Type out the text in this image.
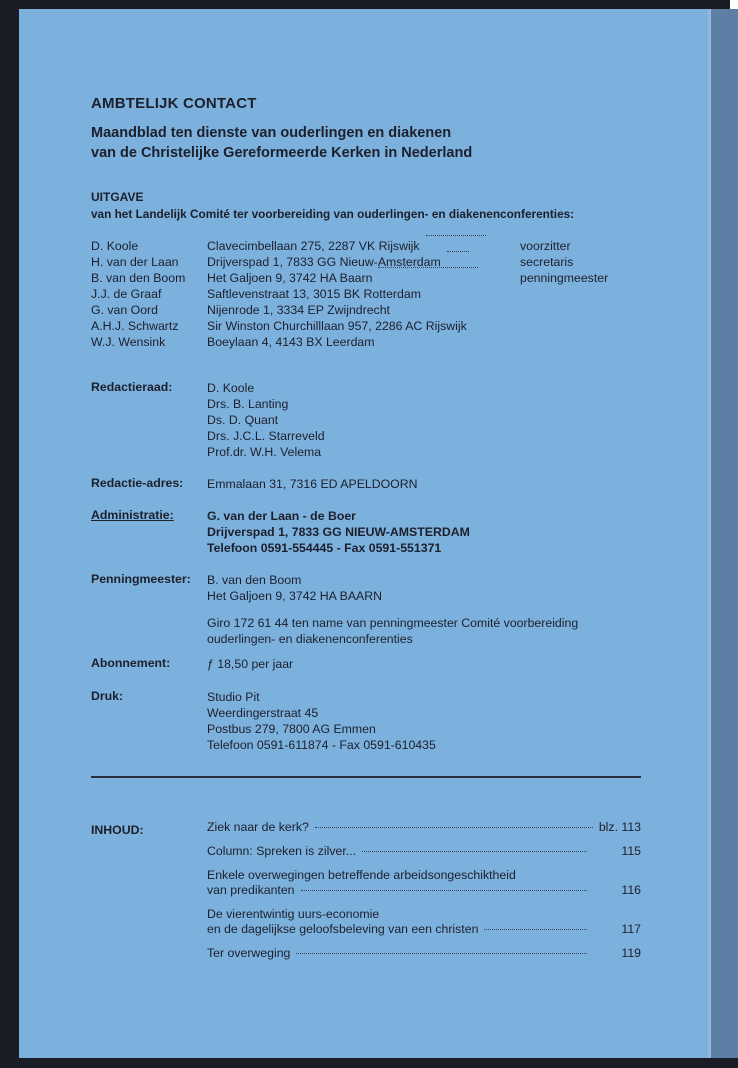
AMBTELIJK CONTACT
Maandblad ten dienste van ouderlingen en diakenen
van de Christelijke Gereformeerde Kerken in Nederland
UITGAVE
van het Landelijk Comité ter voorbereiding van ouderlingen- en diakenenconferenties:
D. Koole	Clavecimbellaan 275, 2287 VK Rijswijk	voorzitter
H. van der Laan	Drijverspad 1, 7833 GG Nieuw-Amsterdam	secretaris
B. van den Boom	Het Galjoen 9, 3742 HA Baarn	penningmeester
J.J. de Graaf	Saftlevenstraat 13, 3015 BK Rotterdam
G. van Oord	Nijenrode 1, 3334 EP Zwijndrecht
A.H.J. Schwartz	Sir Winston Churchilllaan 957, 2286 AC Rijswijk
W.J. Wensink	Boeylaan 4, 4143 BX Leerdam
Redactieraad:	D. Koole
Drs. B. Lanting
Ds. D. Quant
Drs. J.C.L. Starreveld
Prof.dr. W.H. Velema
Redactie-adres: Emmalaan 31, 7316 ED APELDOORN
Administratie:	G. van der Laan - de Boer
Drijverspad 1, 7833 GG NIEUW-AMSTERDAM
Telefoon 0591-554445 - Fax 0591-551371
Penningmeester: B. van den Boom
Het Galjoen 9, 3742 HA BAARN
Giro 172 61 44 ten name van penningmeester Comité voorbereiding
ouderlingen- en diakenenconferenties
Abonnement:	ƒ 18,50 per jaar
Druk:	Studio Pit
Weerdingerstraat 45
Postbus 279, 7800 AG Emmen
Telefoon 0591-611874 - Fax 0591-610435
INHOUD:	Ziek naar de kerk?	blz. 113
Column: Spreken is zilver...	115
Enkele overwegingen betreffende arbeidsongeschiktheid
van predikanten	116
De vierentwintig uurs-economie
en de dagelijkse geloofsbeleving van een christen	117
Ter overweging	119
